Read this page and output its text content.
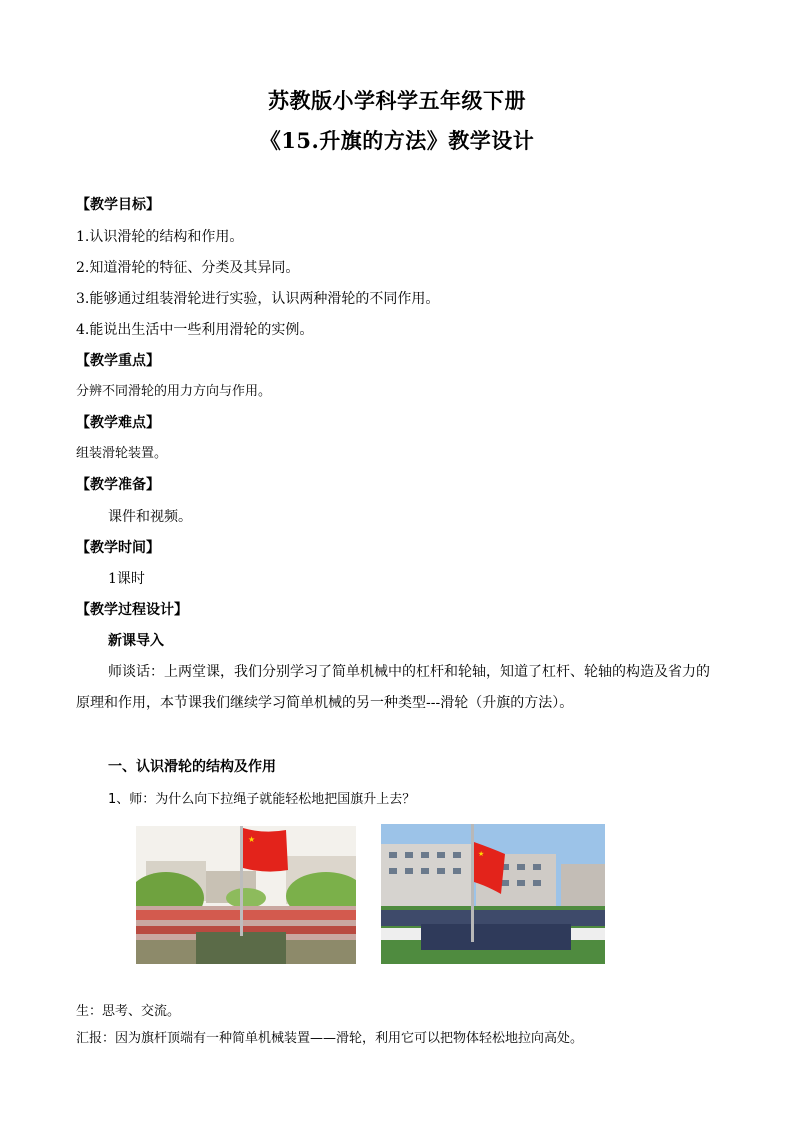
苏教版小学科学五年级下册
《15.升旗的方法》教学设计
【教学目标】
1.认识滑轮的结构和作用。
2.知道滑轮的特征、分类及其异同。
3.能够通过组装滑轮进行实验，认识两种滑轮的不同作用。
4.能说出生活中一些利用滑轮的实例。
【教学重点】
分辨不同滑轮的用力方向与作用。
【教学难点】
组装滑轮装置。
【教学准备】
课件和视频。
【教学时间】
1课时
【教学过程设计】
新课导入
师谈话：上两堂课，我们分别学习了简单机械中的杠杆和轮轴，知道了杠杆、轮轴的构造及省力的原理和作用，本节课我们继续学习简单机械的另一种类型---滑轮（升旗的方法）。
一、认识滑轮的结构及作用
1、师：为什么向下拉绳子就能轻松地把国旗升上去？
★
★
生：思考、交流。
汇报：因为旗杆顶端有一种简单机械装置——滑轮，利用它可以把物体轻松地拉向高处。
